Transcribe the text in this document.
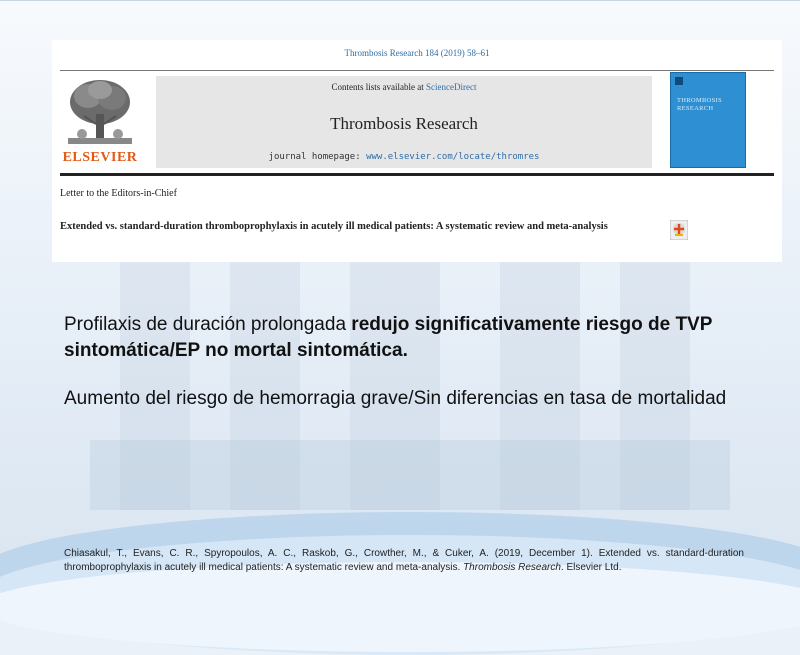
Thrombosis Research 184 (2019) 58–61
ELSEVIER
Contents lists available at ScienceDirect
Thrombosis Research
journal homepage: www.elsevier.com/locate/thromres
THROMBOSIS RESEARCH
Letter to the Editors-in-Chief
Extended vs. standard-duration thromboprophylaxis in acutely ill medical patients: A systematic review and meta-analysis
Profilaxis de duración prolongada redujo significativamente riesgo de TVP sintomática/EP no mortal sintomática.
Aumento del riesgo de hemorragia grave/Sin diferencias en tasa de mortalidad
Chiasakul, T., Evans, C. R., Spyropoulos, A. C., Raskob, G., Crowther, M., & Cuker, A. (2019, December 1). Extended vs. standard-duration thromboprophylaxis in acutely ill medical patients: A systematic review and meta-analysis. Thrombosis Research. Elsevier Ltd.
